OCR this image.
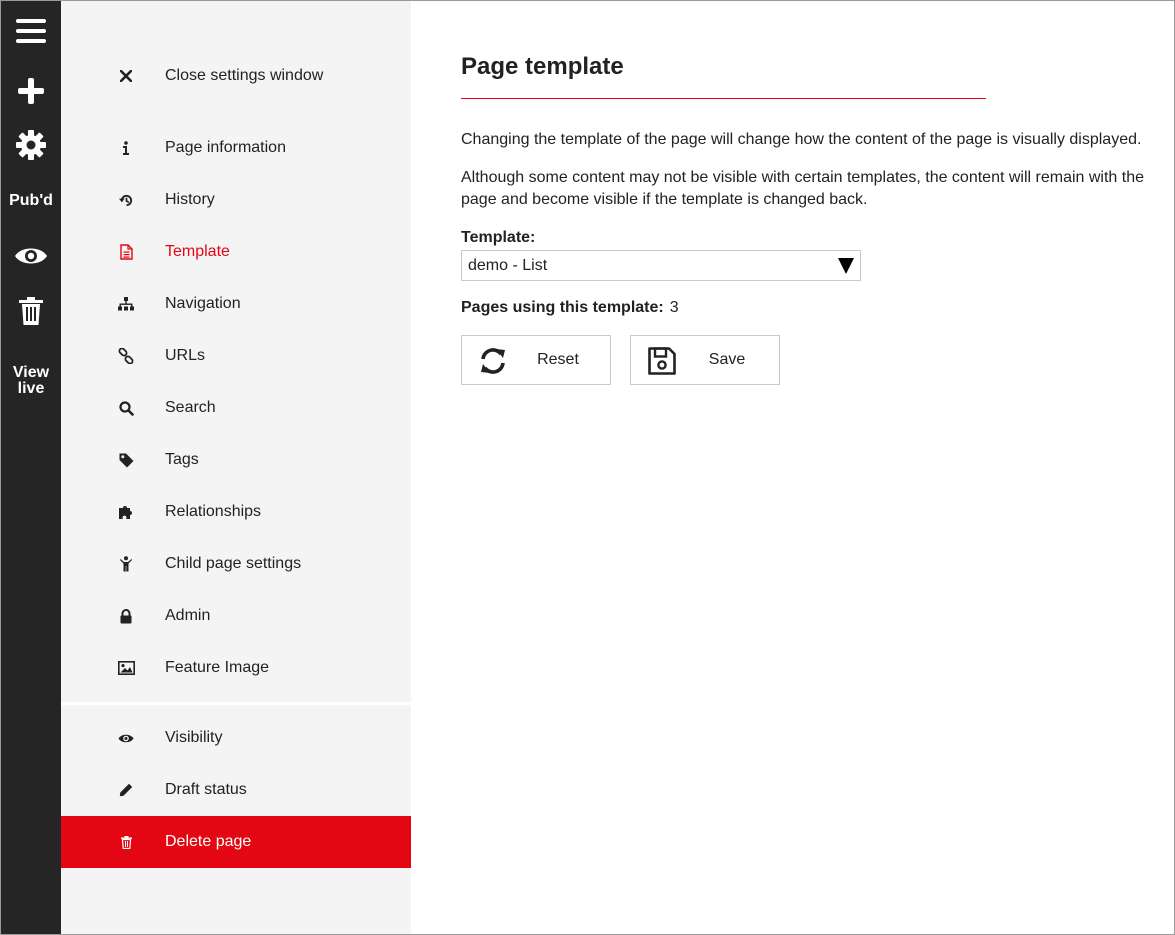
Pub'd
View
live
Close settings window
Page information
History
Template
Navigation
URLs
Search
Tags
Relationships
Child page settings
Admin
Feature Image
Visibility
Draft status
Delete page
Page template
Changing the template of the page will change how the content of the page is visually displayed.
Although some content may not be visible with certain templates, the content will remain with the
page and become visible if the template is changed back.
Template:
demo - List
Pages using this template: 3
Reset	Save
